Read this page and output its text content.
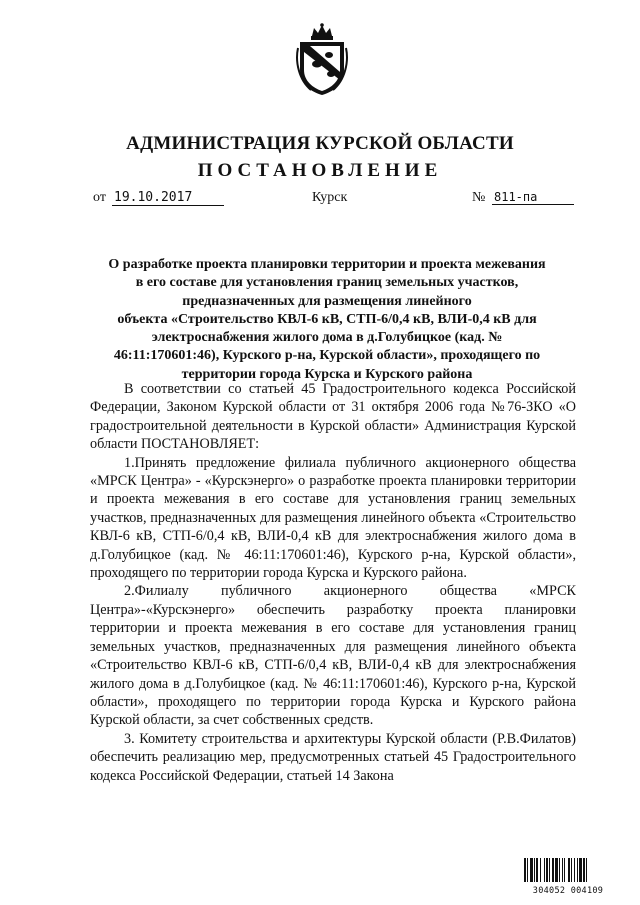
АДМИНИСТРАЦИЯ КУРСКОЙ ОБЛАСТИ
ПОСТАНОВЛЕНИЕ
от 19.10.2017	Курск	№ 811-па
О разработке проекта планировки территории и проекта межевания
в его составе для установления границ земельных участков,
предназначенных для размещения линейного
объекта «Строительство КВЛ-6 кВ, СТП-6/0,4 кВ, ВЛИ-0,4 кВ для
электроснабжения жилого дома в д.Голубицкое (кад. №
46:11:170601:46), Курского р-на, Курской области», проходящего по
территории города Курска и Курского района

В соответствии со статьей 45 Градостроительного кодекса Российской Федерации, Законом Курской области от 31 октября 2006 года №76-ЗКО «О градостроительной деятельности в Курской области» Администрация Курской области ПОСТАНОВЛЯЕТ:

1.Принять предложение филиала публичного акционерного общества «МРСК Центра» - «Курскэнерго» о разработке проекта планировки территории и проекта межевания в его составе для установления границ земельных участков, предназначенных для размещения линейного объекта «Строительство КВЛ-6 кВ, СТП-6/0,4 кВ, ВЛИ-0,4 кВ для электроснабжения жилого дома в д.Голубицкое (кад. № 46:11:170601:46), Курского р-на, Курской области», проходящего по территории города Курска и Курского района.

2.Филиалу публичного акционерного общества «МРСК Центра»-«Курскэнерго» обеспечить разработку проекта планировки территории и проекта межевания в его составе для установления границ земельных участков, предназначенных для размещения линейного объекта «Строительство КВЛ-6 кВ, СТП-6/0,4 кВ, ВЛИ-0,4 кВ для электроснабжения жилого дома в д.Голубицкое (кад. № 46:11:170601:46), Курского р-на, Курской области», проходящего по территории города Курска и Курского района Курской области, за счет собственных средств.

3. Комитету строительства и архитектуры Курской области (Р.В.Филатов) обеспечить реализацию мер, предусмотренных статьей 45 Градостроительного кодекса Российской Федерации, статьей 14 Закона

304052 004109
